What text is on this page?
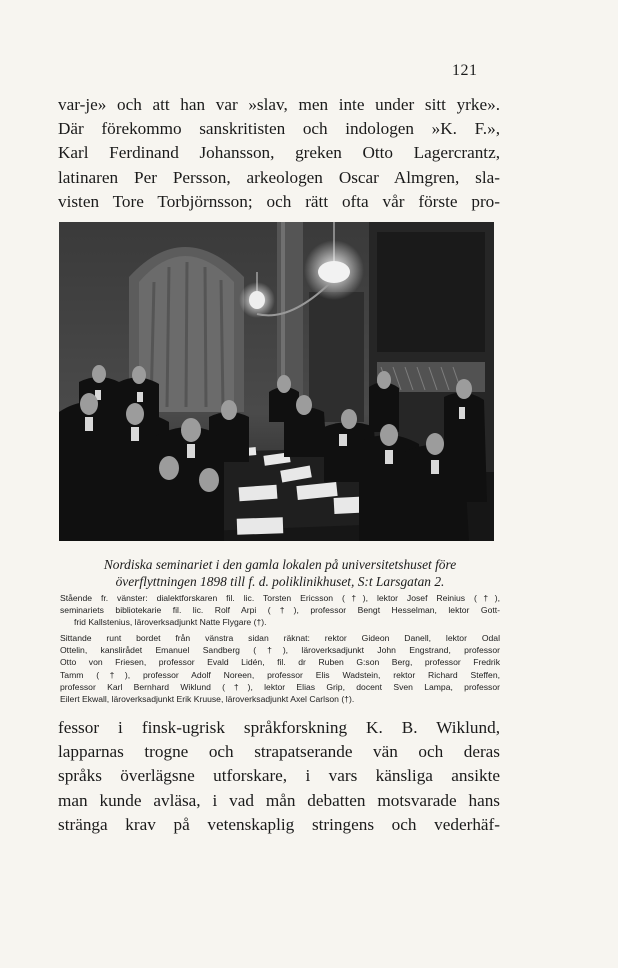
121
var-je» och att han var »slav, men inte under sitt yrke».
Där förekommo sanskritisten och indologen »K. F.»,
Karl Ferdinand Johansson, greken Otto Lagercrantz,
latinaren Per Persson, arkeologen Oscar Almgren, sla-
visten Tore Torbjörnsson; och rätt ofta vår förste pro-
Nordiska seminariet i den gamla lokalen på universitetshuset före
överflyttningen 1898 till f. d. poliklinikhuset, S:t Larsgatan 2.
Stående fr. vänster: dialektforskaren fil. lic. Torsten Ericsson (†), lektor Josef Reinius (†),
seminariets bibliotekarie fil. lic. Rolf Arpi (†), professor Bengt Hesselman, lektor Gott-
frid Kallstenius, läroverksadjunkt Natte Flygare (†).
Sittande runt bordet från vänstra sidan räknat: rektor Gideon Danell, lektor Odal
Ottelin, kanslirådet Emanuel Sandberg (†), läroverksadjunkt John Engstrand, professor
Otto von Friesen, professor Evald Lidén, fil. dr Ruben G:son Berg, professor Fredrik
Tamm (†), professor Adolf Noreen, professor Elis Wadstein, rektor Richard Steffen,
professor Karl Bernhard Wiklund (†), lektor Elias Grip, docent Sven Lampa, professor
Eilert Ekwall, läroverksadjunkt Erik Kruuse, läroverksadjunkt Axel Carlson (†).
fessor i finsk-ugrisk språkforskning K. B. Wiklund,
lapparnas trogne och strapatserande vän och deras
språks överlägsne utforskare, i vars känsliga ansikte
man kunde avläsa, i vad mån debatten motsvarade hans
stränga krav på vetenskaplig stringens och vederhäf-
